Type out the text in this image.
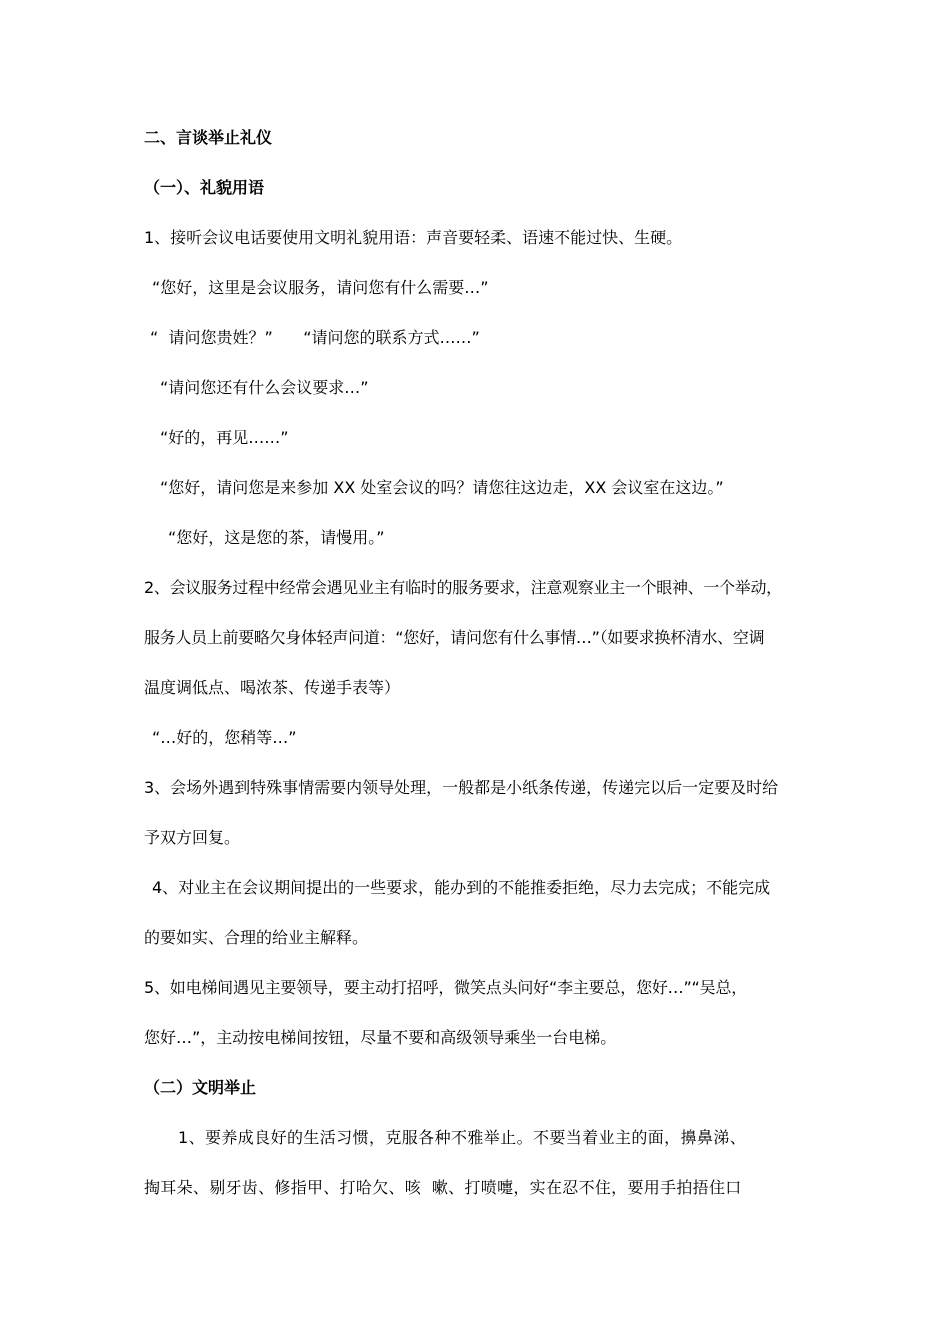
二、言谈举止礼仪
（一）、礼貌用语
1、接听会议电话要使用文明礼貌用语：声音要轻柔、语速不能过快、生硬。
“您好，这里是会议服务，请问您有什么需要…”
“  请问您贵姓？”      “请问您的联系方式……”
“请问您还有什么会议要求…”
“好的，再见……”
“您好，请问您是来参加 XX 处室会议的吗？请您往这边走，XX 会议室在这边。”
“您好，这是您的茶，请慢用。”
2、会议服务过程中经常会遇见业主有临时的服务要求，注意观察业主一个眼神、一个举动，
服务人员上前要略欠身体轻声问道：“您好，请问您有什么事情…”（如要求换杯清水、空调
温度调低点、喝浓茶、传递手表等）
“…好的，您稍等…”
3、会场外遇到特殊事情需要内领导处理，一般都是小纸条传递，传递完以后一定要及时给
予双方回复。
4、对业主在会议期间提出的一些要求，能办到的不能推委拒绝，尽力去完成；不能完成
的要如实、合理的给业主解释。
5、如电梯间遇见主要领导，要主动打招呼，微笑点头问好“李主要总，您好…”“吴总，
您好…”，主动按电梯间按钮，尽量不要和高级领导乘坐一台电梯。
（二）文明举止
1、要养成良好的生活习惯，克服各种不雅举止。不要当着业主的面，擤鼻涕、
掏耳朵、剔牙齿、修指甲、打哈欠、咳  嗽、打喷嚏，实在忍不住，要用手拍捂住口
